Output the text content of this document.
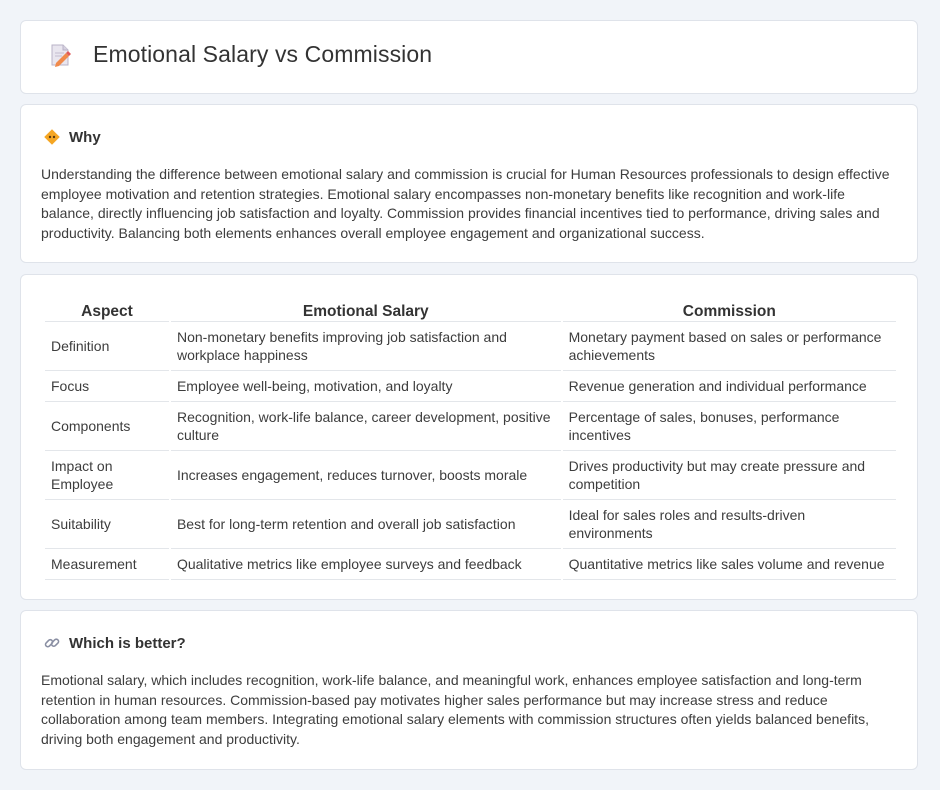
Emotional Salary vs Commission
Why

Understanding the difference between emotional salary and commission is crucial for Human Resources professionals to design effective employee motivation and retention strategies. Emotional salary encompasses non-monetary benefits like recognition and work-life balance, directly influencing job satisfaction and loyalty. Commission provides financial incentives tied to performance, driving sales and productivity. Balancing both elements enhances overall employee engagement and organizational success.

Aspect	Emotional Salary	Commission
Definition	Non-monetary benefits improving job satisfaction and workplace happiness	Monetary payment based on sales or performance achievements
Focus	Employee well-being, motivation, and loyalty	Revenue generation and individual performance
Components	Recognition, work-life balance, career development, positive culture	Percentage of sales, bonuses, performance incentives
Impact on Employee	Increases engagement, reduces turnover, boosts morale	Drives productivity but may create pressure and competition
Suitability	Best for long-term retention and overall job satisfaction	Ideal for sales roles and results-driven environments
Measurement	Qualitative metrics like employee surveys and feedback	Quantitative metrics like sales volume and revenue
Which is better?

Emotional salary, which includes recognition, work-life balance, and meaningful work, enhances employee satisfaction and long-term retention in human resources. Commission-based pay motivates higher sales performance but may increase stress and reduce collaboration among team members. Integrating emotional salary elements with commission structures often yields balanced benefits, driving both engagement and productivity.
